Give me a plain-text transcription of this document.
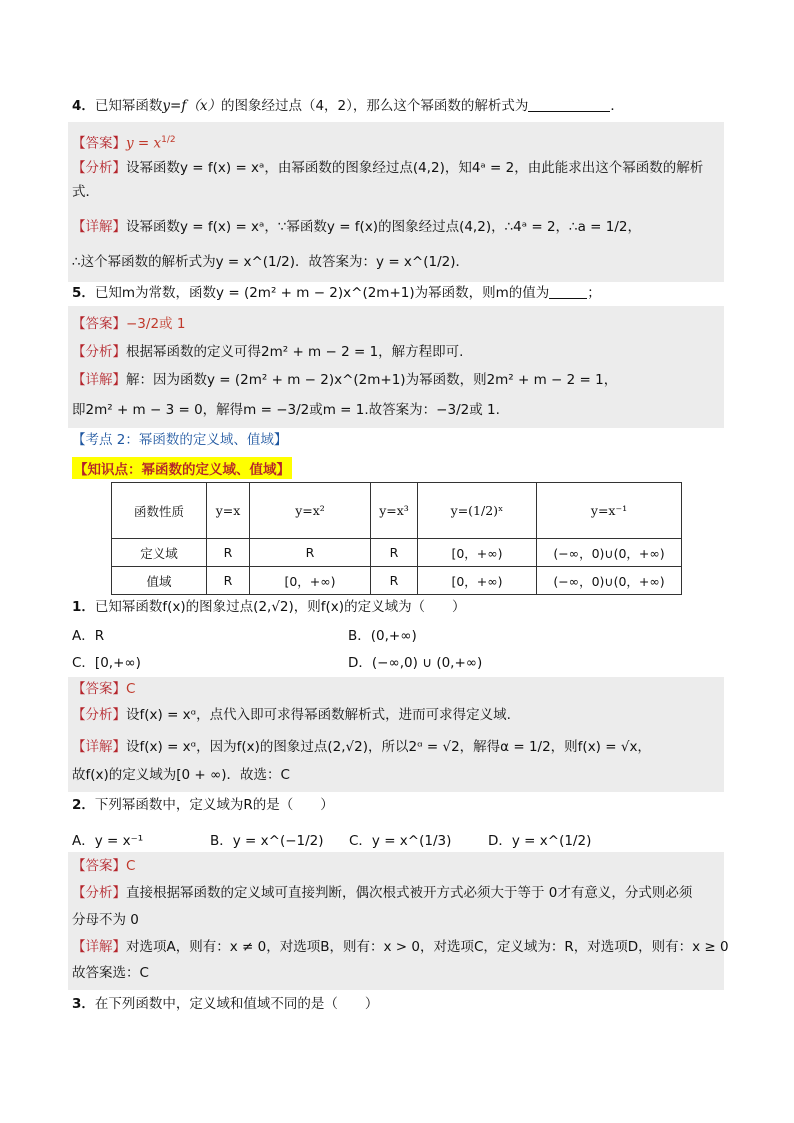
4．已知幂函数y=f（x）的图象经过点（4，2），那么这个幂函数的解析式为	．
【答案】$y = x^{1/2}$
【分析】设幂函数y = f(x) = xᵃ，由幂函数的图象经过点(4,2)，知4ᵃ = 2，由此能求出这个幂函数的解析
式．
【详解】设幂函数y = f(x) = xᵃ，∵幂函数y = f(x)的图象经过点(4,2)，∴4ᵃ = 2，∴a = 1/2，
∴这个幂函数的解析式为y = x^(1/2)．故答案为：y = x^(1/2)．
5．已知m为常数，函数y = (2m² + m − 2)x^(2m+1)为幂函数，则m的值为	；
【答案】−3/2或 1
【分析】根据幂函数的定义可得2m² + m − 2 = 1，解方程即可.
【详解】解：因为函数y = (2m² + m − 2)x^(2m+1)为幂函数，则2m² + m − 2 = 1，
即2m² + m − 3 = 0，解得m = −3/2或m = 1.故答案为：−3/2或 1.
【考点 2：幂函数的定义域、值域】
【知识点：幂函数的定义域、值域】
函数性质	y=x	y=x²	y=x³	y=(1/2)ˣ	y=x⁻¹
定义域	R	R	R	[0，+∞)	(−∞，0)∪(0，+∞)
值域	R	[0，+∞)	R	[0，+∞)	(−∞，0)∪(0，+∞)
1．已知幂函数f(x)的图象过点(2,√2)，则f(x)的定义域为（　　）
A．R	B．(0,+∞)
C．[0,+∞)	D．(−∞,0) ∪ (0,+∞)
【答案】C
【分析】设f(x) = xᵅ，点代入即可求得幂函数解析式，进而可求得定义域.
【详解】设f(x) = xᵅ，因为f(x)的图象过点(2,√2)，所以2ᵅ = √2，解得α = 1/2，则f(x) = √x，
故f(x)的定义域为[0 + ∞)．故选：C
2．下列幂函数中，定义域为R的是（　　）
A．y = x⁻¹	B．y = x^(−1/2) C．y = x^(1/3)	D．y = x^(1/2)
【答案】C
【分析】直接根据幂函数的定义域可直接判断，偶次根式被开方式必须大于等于 0才有意义，分式则必须
分母不为 0
【详解】对选项A，则有：x ≠ 0，对选项B，则有：x > 0，对选项C，定义域为：R，对选项D，则有：x ≥ 0
故答案选：C
3．在下列函数中，定义域和值域不同的是（　　）
